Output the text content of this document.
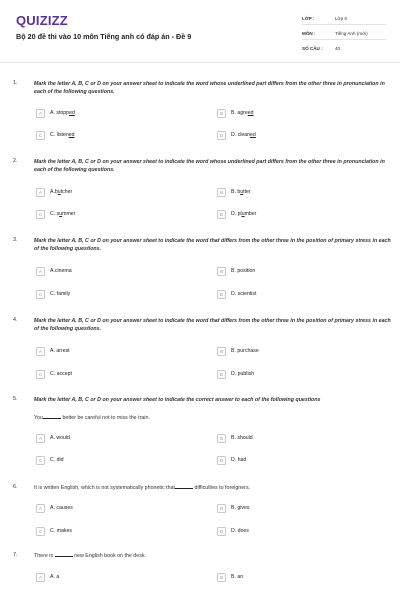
QUIZIZZ
Bộ 20 đề thi vào 10 môn Tiếng anh có đáp án - Đề 9
LỚP :	Lớp 9
MÔN :	Tiếng Anh (mới)
SỐ CÂU :	40
1.	Mark the letter A, B, C or D on your answer sheet to indicate the word whose underlined part differs from the other three in pronunciation in each of the following questions.
A	A. stopped	B	B. agreed
C	C. listened	D	D. cleaned
2.	Mark the letter A, B, C or D on your answer sheet to indicate the word whose underlined part differs from the other three in pronunciation in each of the following questions.
A	A.butcher	B	B. butter
C	C. summer	D	D. plumber
3.	Mark the letter A, B, C or D on your answer sheet to indicate the word that differs from the other three in the position of primary stress in each of the following questions.
A	A.cinema	B	B. position
C	C. family	D	D. scientist
4.	Mark the letter A, B, C or D on your answer sheet to indicate the word that differs from the other three in the position of primary stress in each of the following questions.
A	A. arrest	B	B. purchase
C	C. accept	D	D. publish
5.	Mark the letter A, B, C or D on your answer sheet to indicate the correct answer to each of the following questions
You	better be careful not to miss the train.
A	A. would	B	B. should
C	C. did	D	D. had
6.	It is written English, which is not systematically phonetic that	difficulties to foreigners.
A	A. causes	B	B. gives
C	C. makes	D	D. does
7.	There is	new English book on the desk.
A	A. a	B	B. an
